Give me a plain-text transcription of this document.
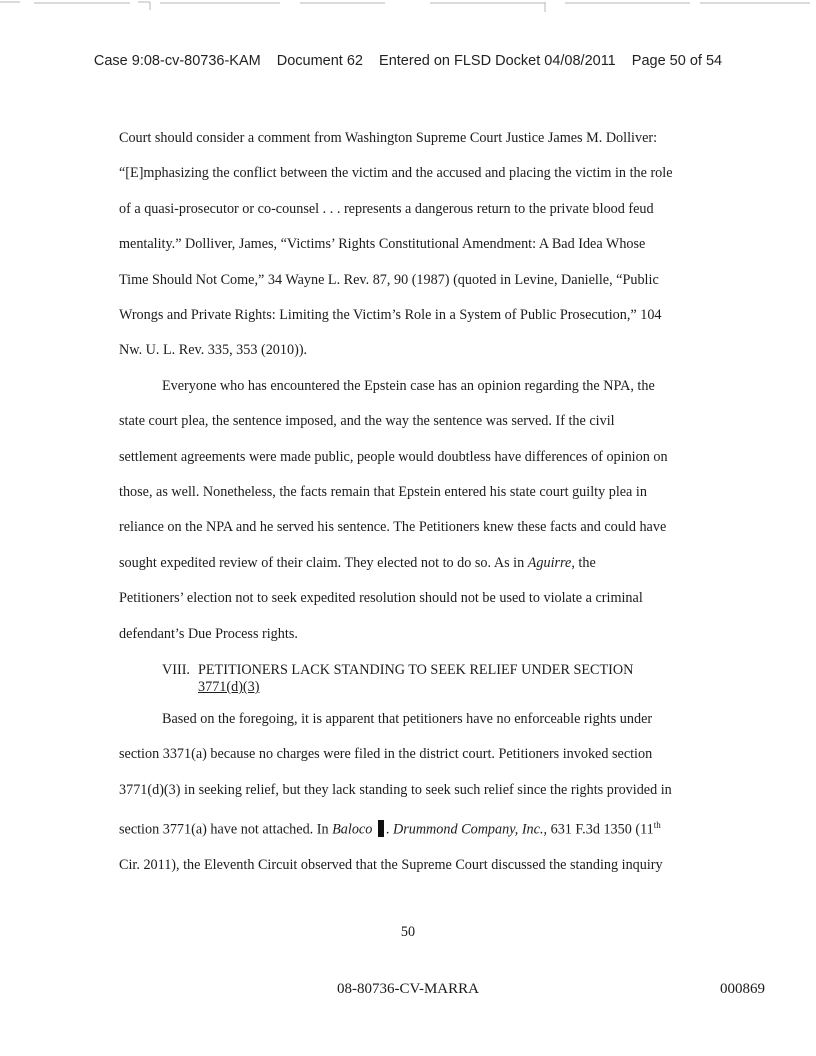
Case 9:08-cv-80736-KAM Document 62 Entered on FLSD Docket 04/08/2011 Page 50 of 54

Court should consider a comment from Washington Supreme Court Justice James M. Dolliver:

“[E]mphasizing the conflict between the victim and the accused and placing the victim in the role

of a quasi-prosecutor or co-counsel . . . represents a dangerous return to the private blood feud

mentality.” Dolliver, James, “Victims’ Rights Constitutional Amendment: A Bad Idea Whose

Time Should Not Come,” 34 Wayne L. Rev. 87, 90 (1987) (quoted in Levine, Danielle, “Public

Wrongs and Private Rights: Limiting the Victim’s Role in a System of Public Prosecution,” 104

Nw. U. L. Rev. 335, 353 (2010)).

Everyone who has encountered the Epstein case has an opinion regarding the NPA, the

state court plea, the sentence imposed, and the way the sentence was served. If the civil

settlement agreements were made public, people would doubtless have differences of opinion on

those, as well. Nonetheless, the facts remain that Epstein entered his state court guilty plea in

reliance on the NPA and he served his sentence. The Petitioners knew these facts and could have

sought expedited review of their claim. They elected not to do so. As in Aguirre, the

Petitioners’ election not to seek expedited resolution should not be used to violate a criminal

defendant’s Due Process rights.

VIII. PETITIONERS LACK STANDING TO SEEK RELIEF UNDER SECTION
3771(d)(3)

Based on the foregoing, it is apparent that petitioners have no enforceable rights under

section 3371(a) because no charges were filed in the district court. Petitioners invoked section

3771(d)(3) in seeking relief, but they lack standing to seek such relief since the rights provided in

section 3771(a) have not attached. In Baloco . Drummond Company, Inc., 631 F.3d 1350 (11th

Cir. 2011), the Eleventh Circuit observed that the Supreme Court discussed the standing inquiry

50
08-80736-CV-MARRA	000869
